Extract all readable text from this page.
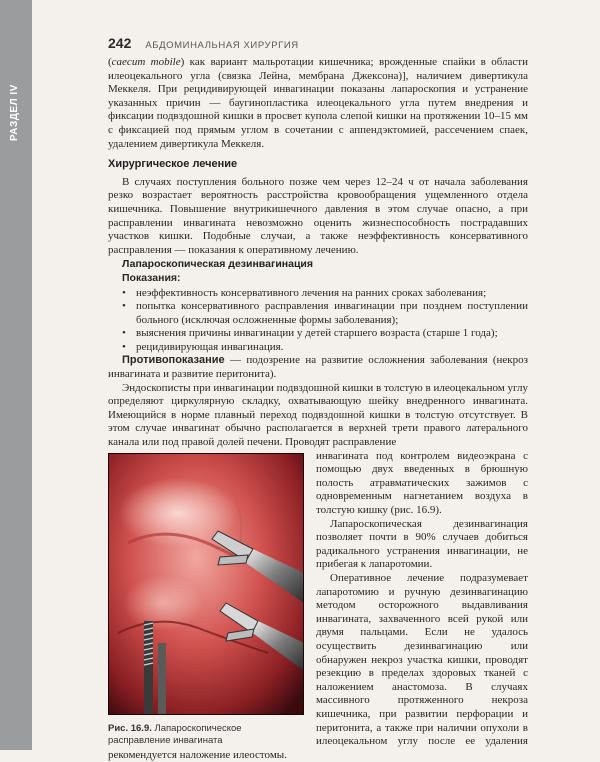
РАЗДЕЛ IV
242 АБДОМИНАЛЬНАЯ ХИРУРГИЯ

(caecum mobile) как вариант мальротации кишечника; врожденные спайки в области илеоцекального угла (связка Лейна, мембрана Джексона)], наличием дивертикула Меккеля. При рецидивирующей инвагинации показаны лапароскопия и устранение указанных причин — баугинопластика илеоцекального угла путем внедрения и фиксации подвздошной кишки в просвет купола слепой кишки на протяжении 10–15 мм с фиксацией под прямым углом в сочетании с аппендэктомией, рассечением спаек, удалением дивертикула Меккеля.

Хирургическое лечение

В случаях поступления больного позже чем через 12–24 ч от начала заболевания резко возрастает вероятность расстройства кровообращения ущемленного отдела кишечника. Повышение внутрикишечного давления в этом случае опасно, а при расправлении инвагината невозможно оценить жизнеспособность пострадавших участков кишки. Подобные случаи, а также неэффективность консервативного расправления — показания к оперативному лечению.

Лапароскопическая дезинвагинация
Показания:
• неэффективность консервативного лечения на ранних сроках заболевания;
• попытка консервативного расправления инвагинации при позднем поступлении больного (исключая осложненные формы заболевания);
• выяснения причины инвагинации у детей старшего возраста (старше 1 года);
• рецидивирующая инвагинация.

Противопоказание — подозрение на развитие осложнения заболевания (некроз инвагината и развитие перитонита).

Эндоскописты при инвагинации подвздошной кишки в толстую в илеоцекальном углу определяют циркулярную складку, охватывающую шейку внедренного инвагината. Имеющийся в норме плавный переход подвздошной кишки в толстую отсутствует. В этом случае инвагинат обычно располагается в верхней трети правого латерального канала или под правой долей печени. Проводят расправление

Рис. 16.9. Лапароскопическое расправление инвагината

инвагината под контролем видеоэкрана с помощью двух введенных в брюшную полость атравматических зажимов с одновременным нагнетанием воздуха в толстую кишку (рис. 16.9).

Лапароскопическая дезинвагинация позволяет почти в 90% случаев добиться радикального устранения инвагинации, не прибегая к лапаротомии.

Оперативное лечение подразумевает лапаротомию и ручную дезинвагинацию методом осторожного выдавливания инвагината, захваченного всей рукой или двумя пальцами. Если не удалось осуществить дезинвагинацию или обнаружен некроз участка кишки, проводят резекцию в пределах здоровых тканей с наложением анастомоза. В случаях массивного протяженного некроза кишечника, при развитии перфорации и перитонита, а также при наличии опухоли в илеоцекальном углу после ее удаления рекомендуется наложение илеостомы.
